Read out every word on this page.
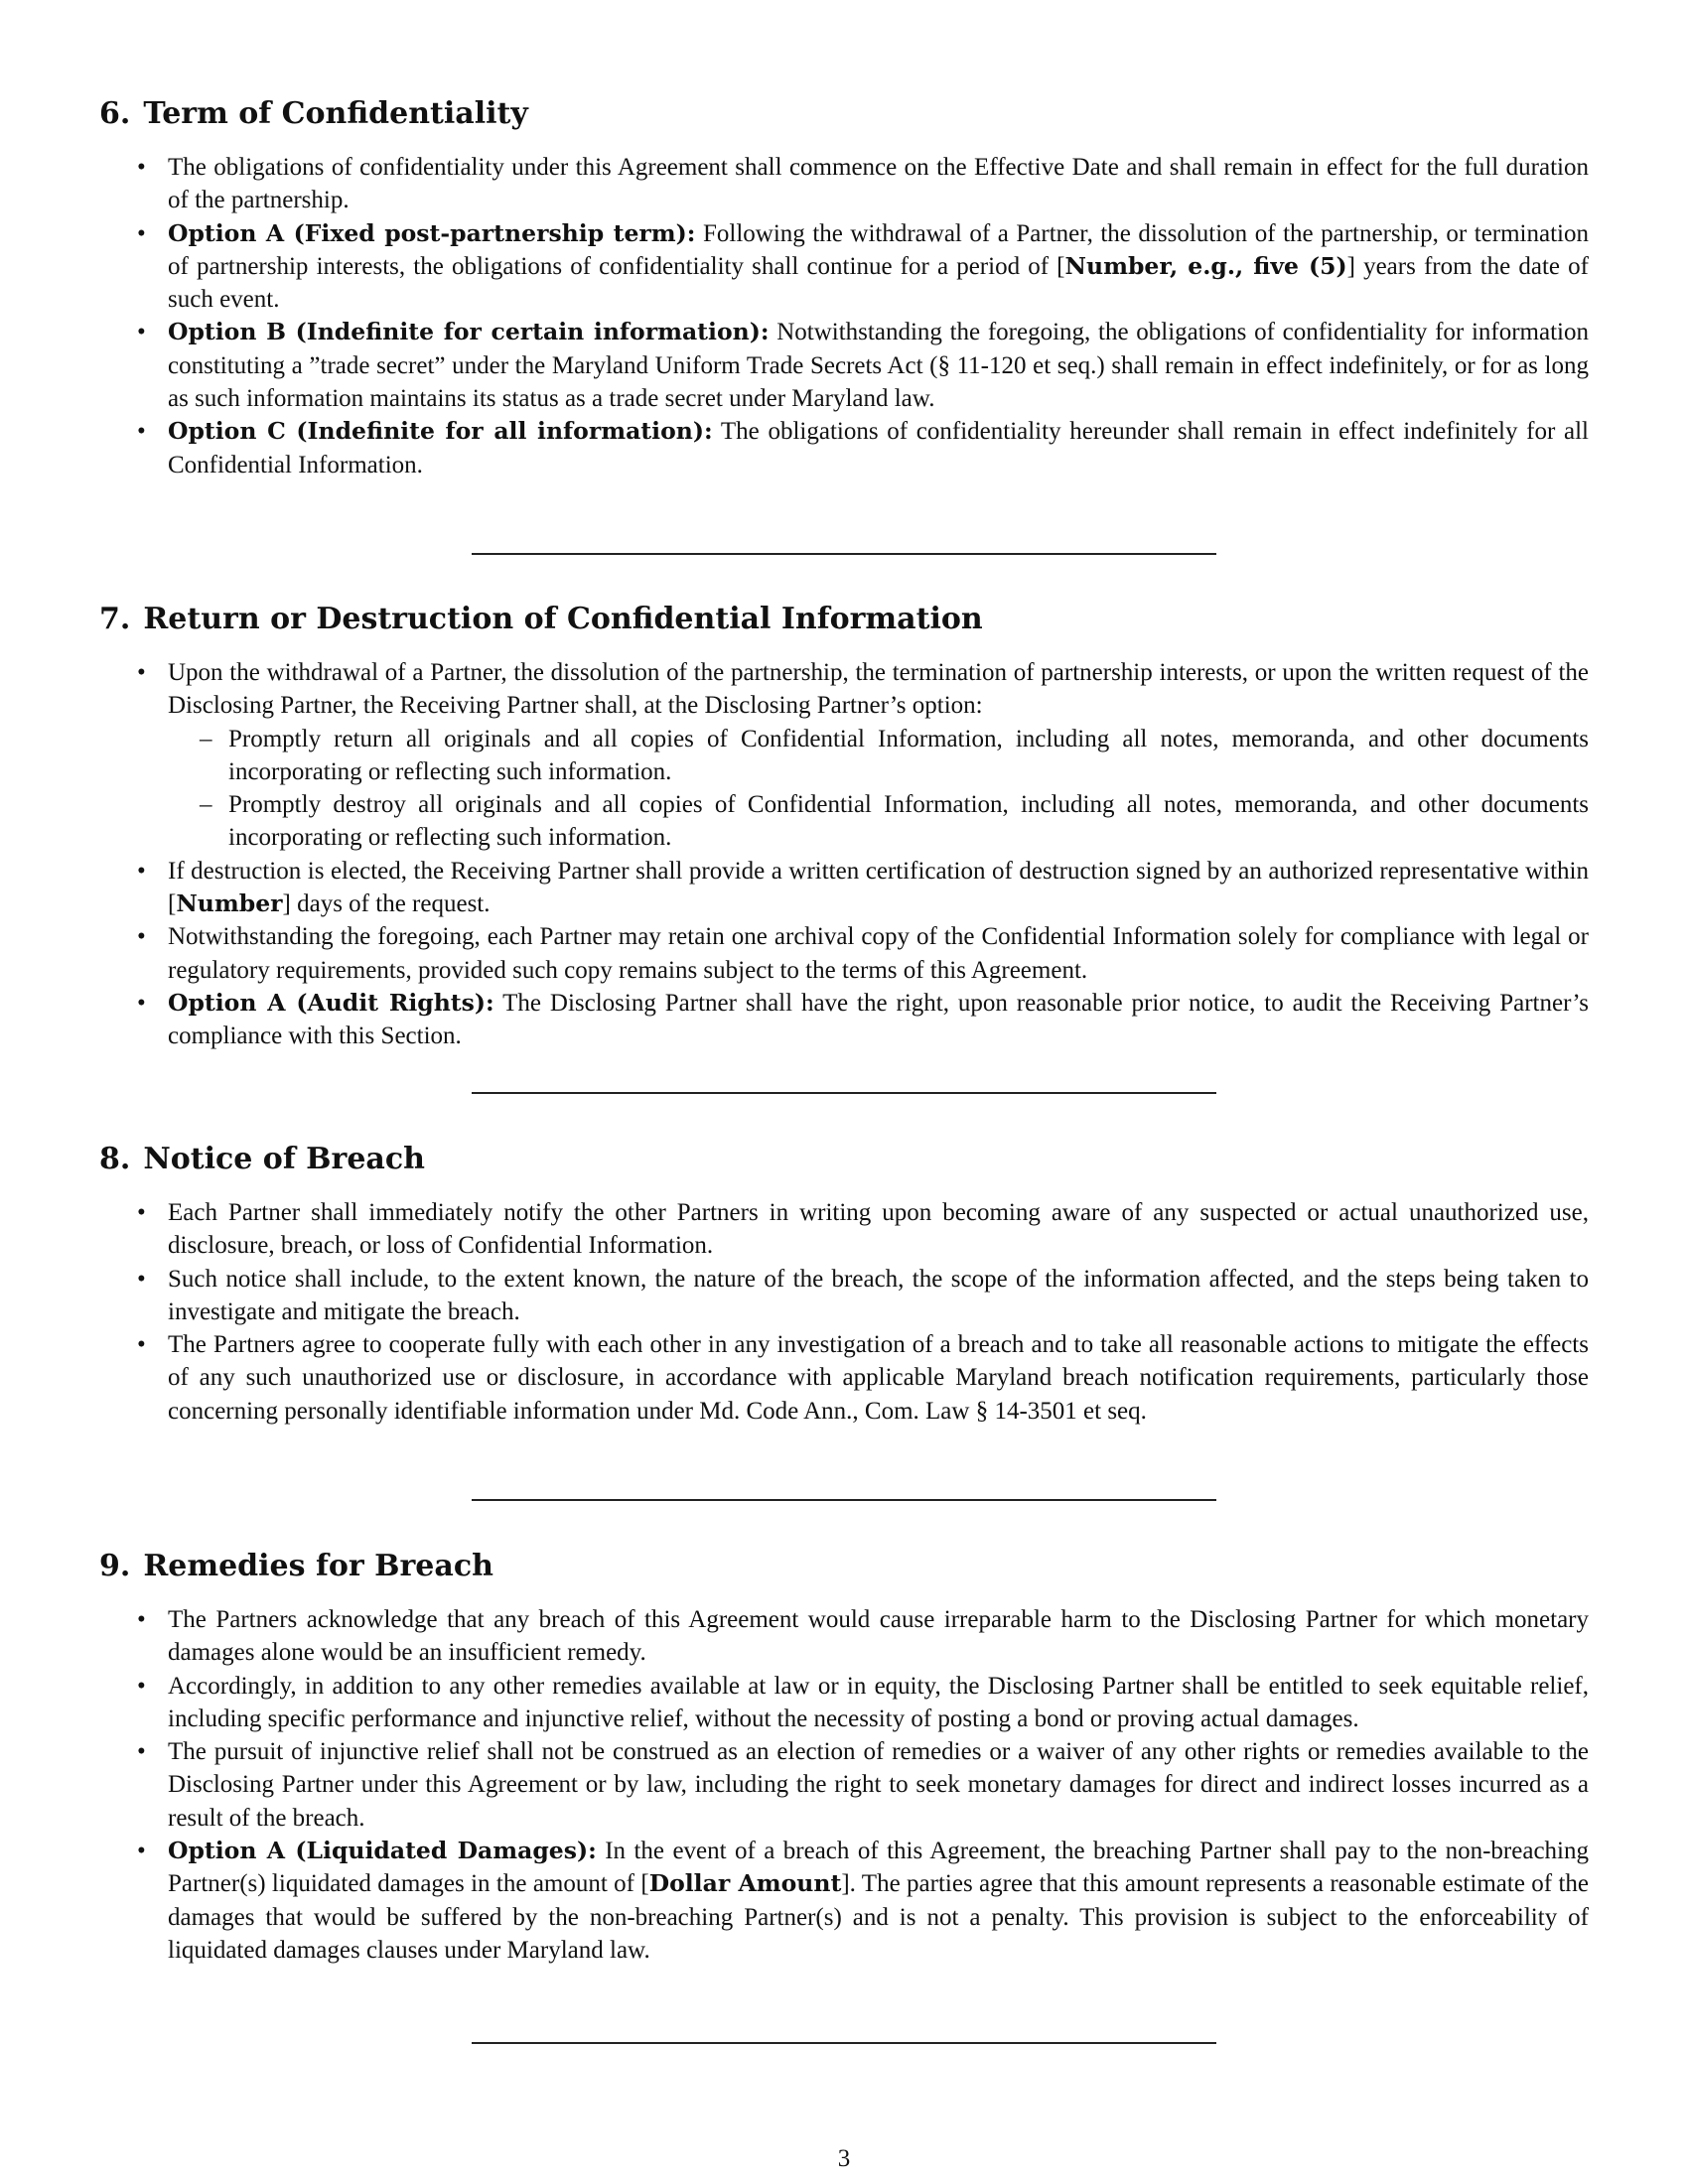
6. Term of Confidentiality
• The obligations of confidentiality under this Agreement shall commence on the Effective Date and shall remain in effect for the full duration of the partnership.
• Option A (Fixed post-partnership term): Following the withdrawal of a Partner, the dissolution of the partnership, or termination of partnership interests, the obligations of confidentiality shall continue for a period of [Number, e.g., five (5)] years from the date of such event.
• Option B (Indefinite for certain information): Notwithstanding the foregoing, the obligations of confidentiality for information constituting a ”trade secret” under the Maryland Uniform Trade Secrets Act (§ 11-120 et seq.) shall remain in effect indefinitely, or for as long as such information maintains its status as a trade secret under Maryland law.
• Option C (Indefinite for all information): The obligations of confidentiality hereunder shall remain in effect indefinitely for all Confidential Information.
7. Return or Destruction of Confidential Information
• Upon the withdrawal of a Partner, the dissolution of the partnership, the termination of partnership interests, or upon the written request of the Disclosing Partner, the Receiving Partner shall, at the Disclosing Partner’s option:
– Promptly return all originals and all copies of Confidential Information, including all notes, memoranda, and other documents incorporating or reflecting such information.
– Promptly destroy all originals and all copies of Confidential Information, including all notes, memoranda, and other documents incorporating or reflecting such information.
• If destruction is elected, the Receiving Partner shall provide a written certification of destruction signed by an authorized representative within [Number] days of the request.
• Notwithstanding the foregoing, each Partner may retain one archival copy of the Confidential Information solely for compliance with legal or regulatory requirements, provided such copy remains subject to the terms of this Agreement.
• Option A (Audit Rights): The Disclosing Partner shall have the right, upon reasonable prior notice, to audit the Receiving Partner’s compliance with this Section.
8. Notice of Breach
• Each Partner shall immediately notify the other Partners in writing upon becoming aware of any suspected or actual unauthorized use, disclosure, breach, or loss of Confidential Information.
• Such notice shall include, to the extent known, the nature of the breach, the scope of the information affected, and the steps being taken to investigate and mitigate the breach.
• The Partners agree to cooperate fully with each other in any investigation of a breach and to take all reasonable actions to mitigate the effects of any such unauthorized use or disclosure, in accordance with applicable Maryland breach notification requirements, particularly those concerning personally identifiable information under Md. Code Ann., Com. Law § 14-3501 et seq.
9. Remedies for Breach
• The Partners acknowledge that any breach of this Agreement would cause irreparable harm to the Disclosing Partner for which monetary damages alone would be an insufficient remedy.
• Accordingly, in addition to any other remedies available at law or in equity, the Disclosing Partner shall be entitled to seek equitable relief, including specific performance and injunctive relief, without the necessity of posting a bond or proving actual damages.
• The pursuit of injunctive relief shall not be construed as an election of remedies or a waiver of any other rights or remedies available to the Disclosing Partner under this Agreement or by law, including the right to seek monetary damages for direct and indirect losses incurred as a result of the breach.
• Option A (Liquidated Damages): In the event of a breach of this Agreement, the breaching Partner shall pay to the non-breaching Partner(s) liquidated damages in the amount of [Dollar Amount]. The parties agree that this amount represents a reasonable estimate of the damages that would be suffered by the non-breaching Partner(s) and is not a penalty. This provision is subject to the enforceability of liquidated damages clauses under Maryland law.
3
